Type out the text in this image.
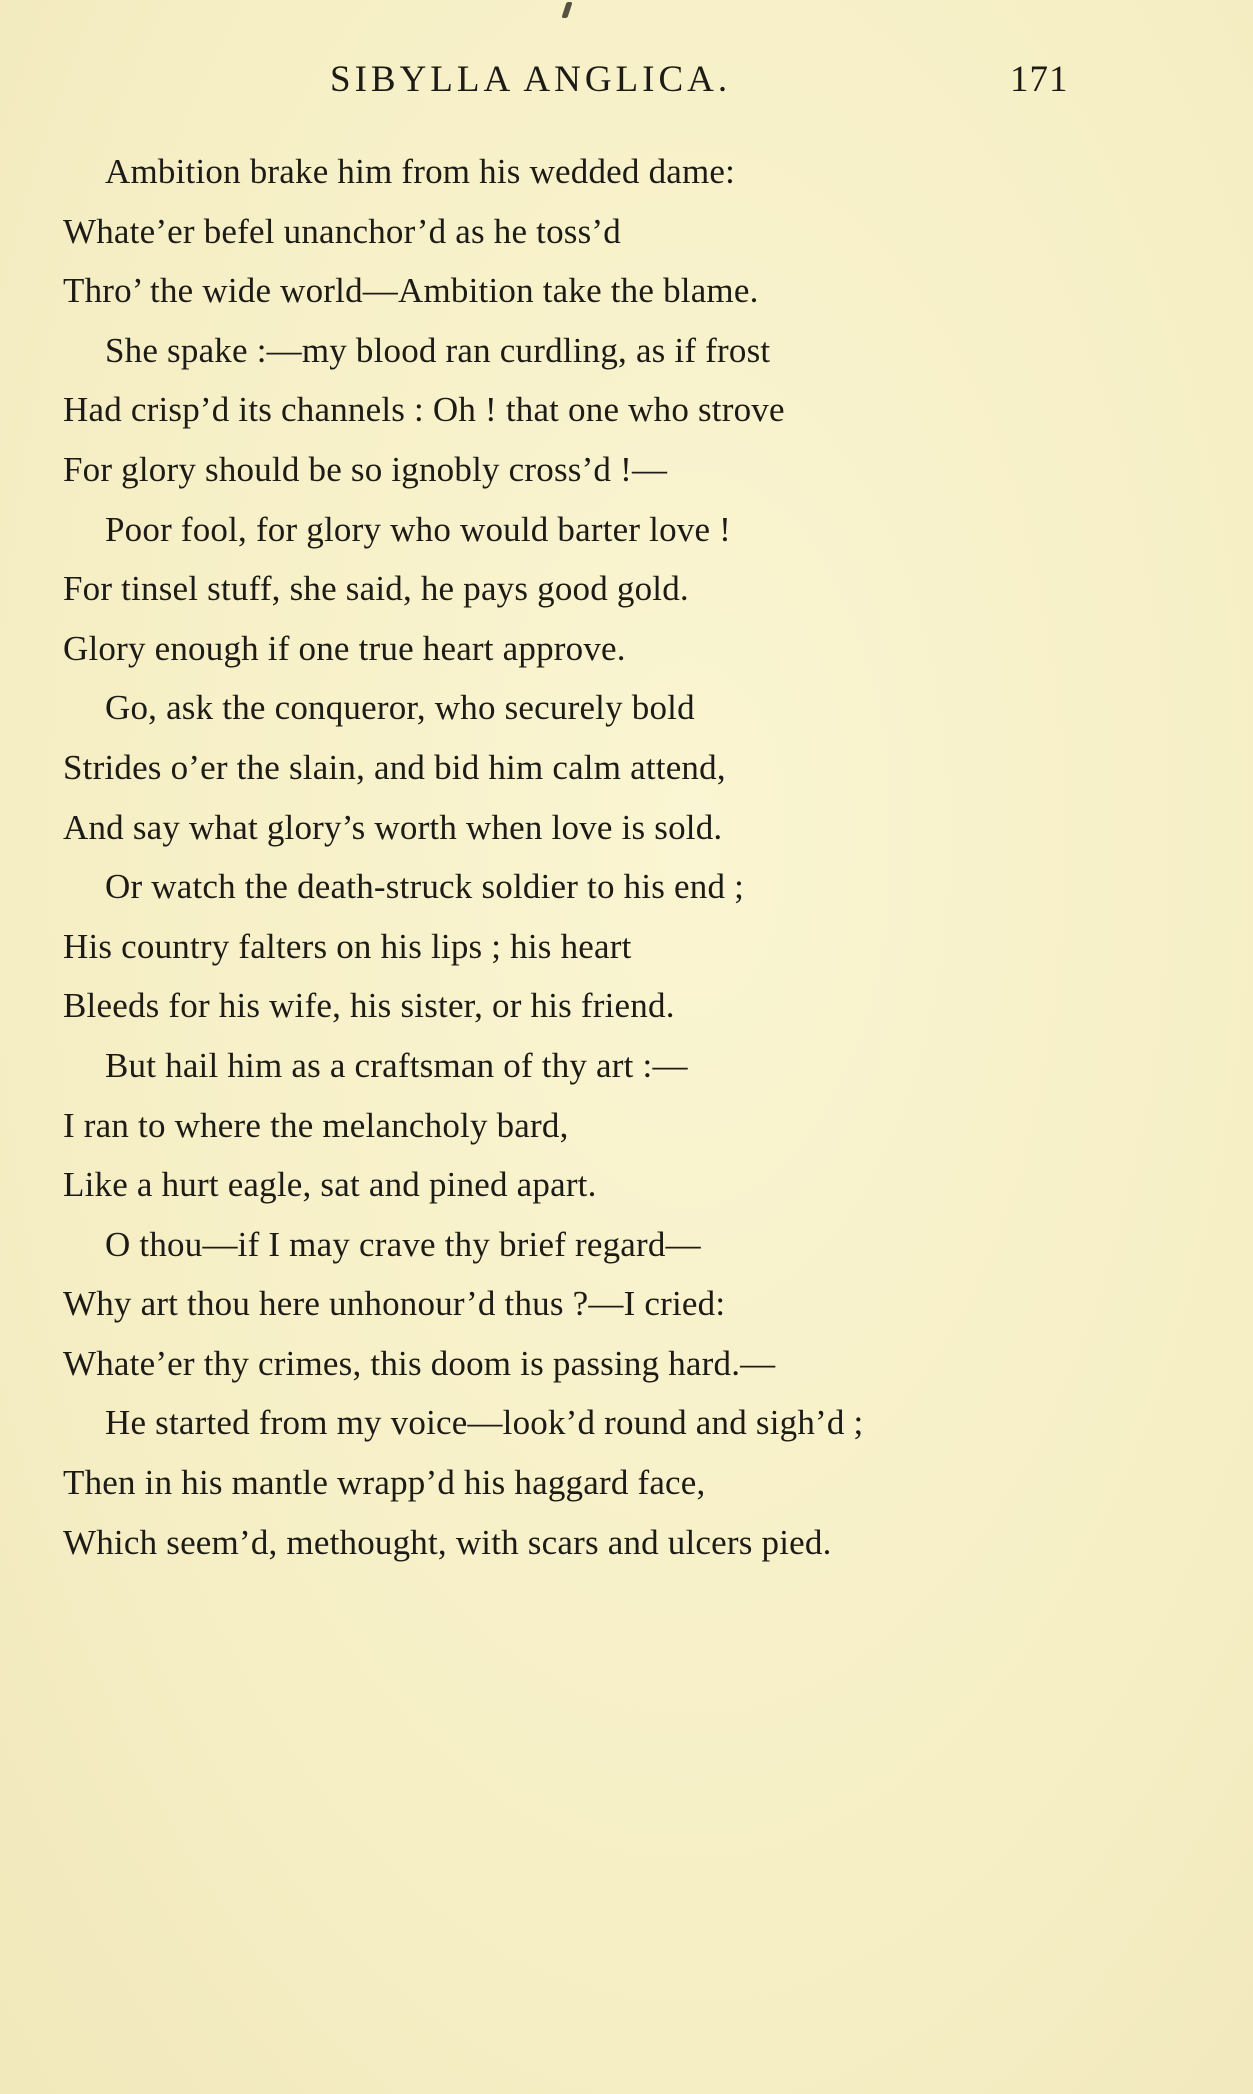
SIBYLLA ANGLICA.	171
Ambition brake him from his wedded dame:
Whate’er befel unanchor’d as he toss’d
Thro’ the wide world—Ambition take the blame.
She spake :—my blood ran curdling, as if frost
Had crisp’d its channels : Oh ! that one who strove
For glory should be so ignobly cross’d !—
Poor fool, for glory who would barter love !
For tinsel stuff, she said, he pays good gold.
Glory enough if one true heart approve.
Go, ask the conqueror, who securely bold
Strides o’er the slain, and bid him calm attend,
And say what glory’s worth when love is sold.
Or watch the death-struck soldier to his end ;
His country falters on his lips ; his heart
Bleeds for his wife, his sister, or his friend.
But hail him as a craftsman of thy art :—
I ran to where the melancholy bard,
Like a hurt eagle, sat and pined apart.
O thou—if I may crave thy brief regard—
Why art thou here unhonour’d thus ?—I cried:
Whate’er thy crimes, this doom is passing hard.—
He started from my voice—look’d round and sigh’d ;
Then in his mantle wrapp’d his haggard face,
Which seem’d, methought, with scars and ulcers pied.
